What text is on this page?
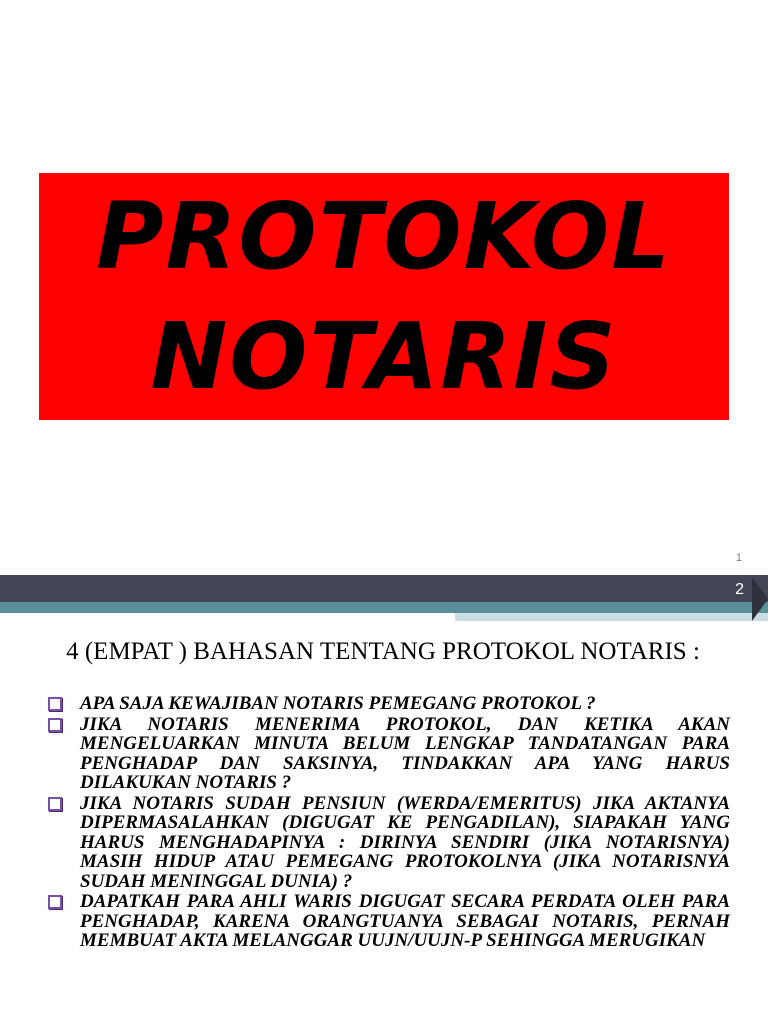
PROTOKOL
NOTARIS
1
2
4 (EMPAT ) BAHASAN TENTANG PROTOKOL NOTARIS :
APA SAJA KEWAJIBAN NOTARIS PEMEGANG PROTOKOL ?
JIKA NOTARIS MENERIMA PROTOKOL, DAN KETIKA AKAN MENGELUARKAN MINUTA BELUM LENGKAP TANDATANGAN PARA PENGHADAP DAN SAKSINYA, TINDAKKAN APA YANG HARUS DILAKUKAN NOTARIS ?
JIKA NOTARIS SUDAH PENSIUN (WERDA/EMERITUS) JIKA AKTANYA DIPERMASALAHKAN (DIGUGAT KE PENGADILAN), SIAPAKAH YANG HARUS MENGHADAPINYA : DIRINYA SENDIRI (JIKA NOTARISNYA) MASIH HIDUP ATAU PEMEGANG PROTOKOLNYA (JIKA NOTARISNYA SUDAH MENINGGAL DUNIA) ?
DAPATKAH PARA AHLI WARIS DIGUGAT SECARA PERDATA OLEH PARA PENGHADAP, KARENA ORANGTUANYA SEBAGAI NOTARIS, PERNAH MEMBUAT AKTA MELANGGAR UUJN/UUJN-P SEHINGGA MERUGIKAN
